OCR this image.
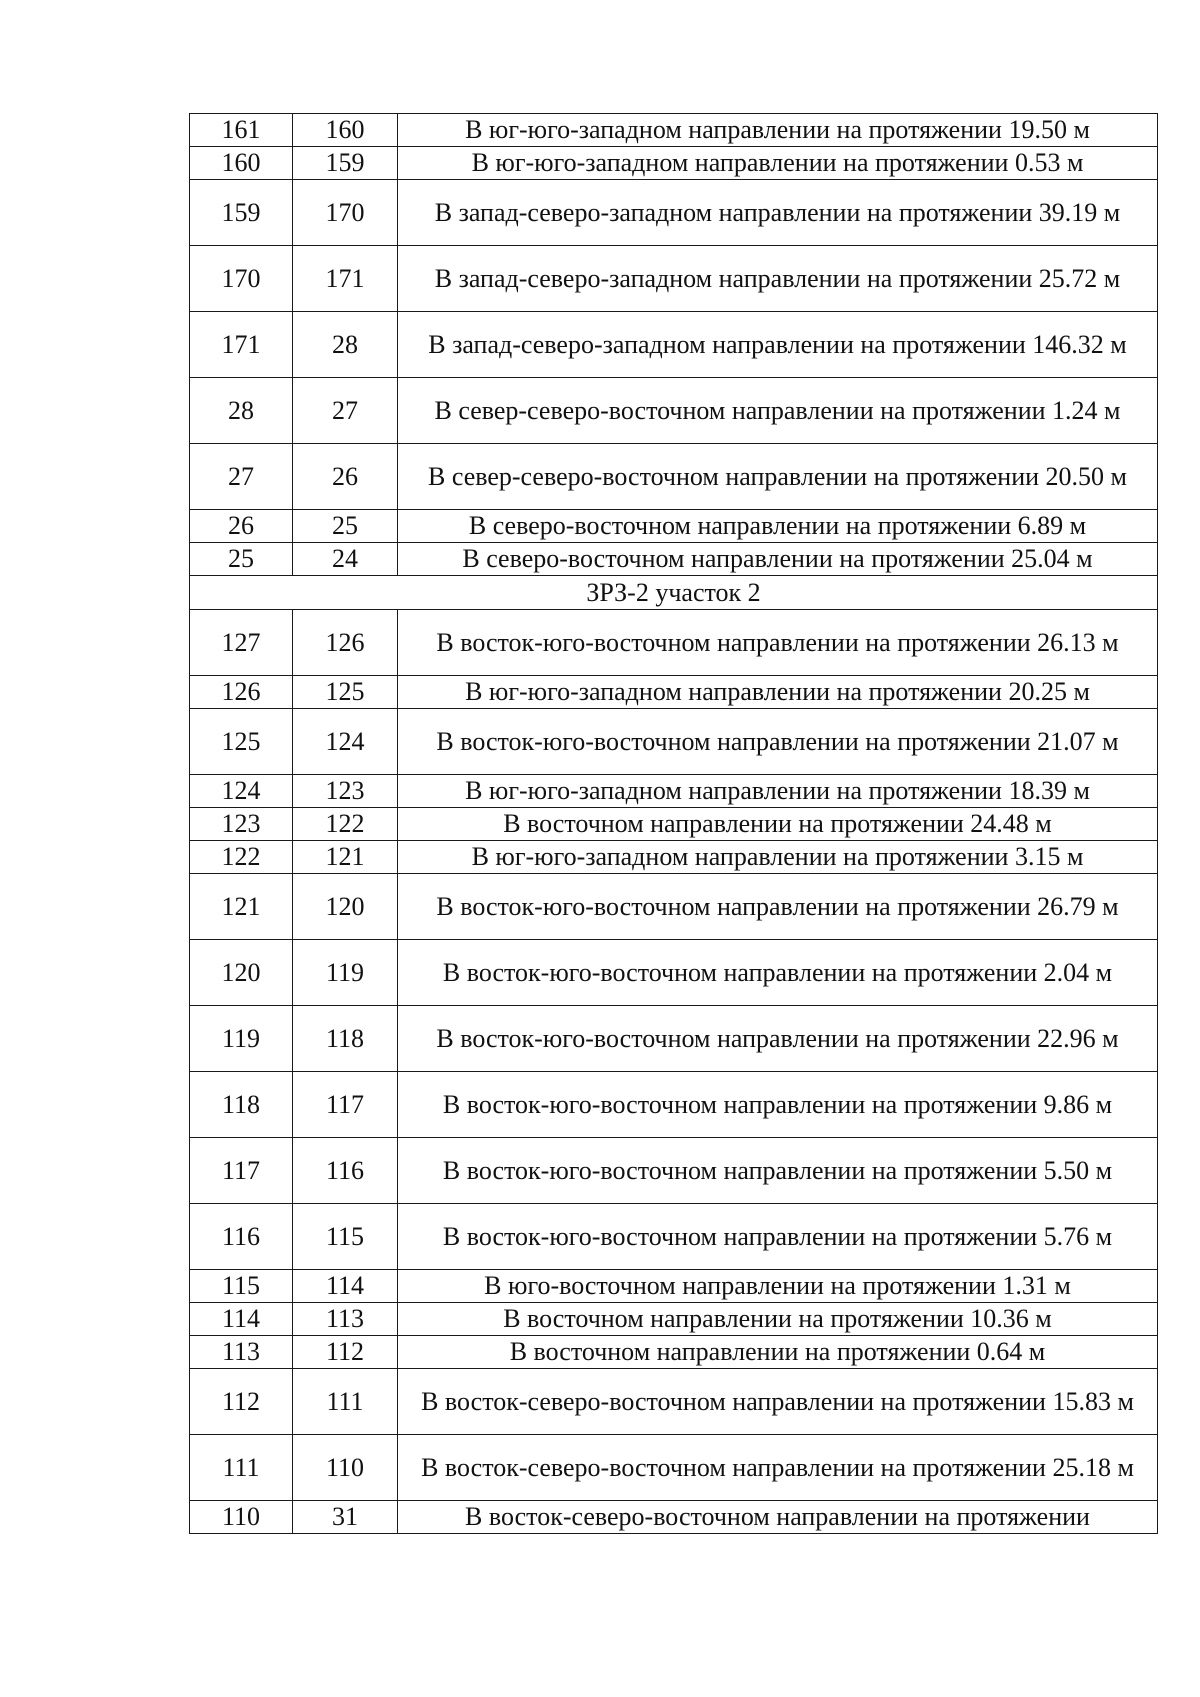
161	160	В юг-юго-западном направлении на протяжении 19.50 м
160	159	В юг-юго-западном направлении на протяжении 0.53 м
159	170	В запад-северо-западном направлении на протяжении 39.19 м
170	171	В запад-северо-западном направлении на протяжении 25.72 м
171	28	В запад-северо-западном направлении на протяжении 146.32 м
28	27	В север-северо-восточном направлении на протяжении 1.24 м
27	26	В север-северо-восточном направлении на протяжении 20.50 м
26	25	В северо-восточном направлении на протяжении 6.89 м
25	24	В северо-восточном направлении на протяжении 25.04 м
ЗРЗ-2 участок 2		
127	126	В восток-юго-восточном направлении на протяжении 26.13 м
126	125	В юг-юго-западном направлении на протяжении 20.25 м
125	124	В восток-юго-восточном направлении на протяжении 21.07 м
124	123	В юг-юго-западном направлении на протяжении 18.39 м
123	122	В восточном направлении на протяжении 24.48 м
122	121	В юг-юго-западном направлении на протяжении 3.15 м
121	120	В восток-юго-восточном направлении на протяжении 26.79 м
120	119	В восток-юго-восточном направлении на протяжении 2.04 м
119	118	В восток-юго-восточном направлении на протяжении 22.96 м
118	117	В восток-юго-восточном направлении на протяжении 9.86 м
117	116	В восток-юго-восточном направлении на протяжении 5.50 м
116	115	В восток-юго-восточном направлении на протяжении 5.76 м
115	114	В юго-восточном направлении на протяжении 1.31 м
114	113	В восточном направлении на протяжении 10.36 м
113	112	В восточном направлении на протяжении 0.64 м
112	111	В восток-северо-восточном направлении на протяжении 15.83 м
111	110	В восток-северо-восточном направлении на протяжении 25.18 м
110	31	В восток-северо-восточном направлении на протяжении
